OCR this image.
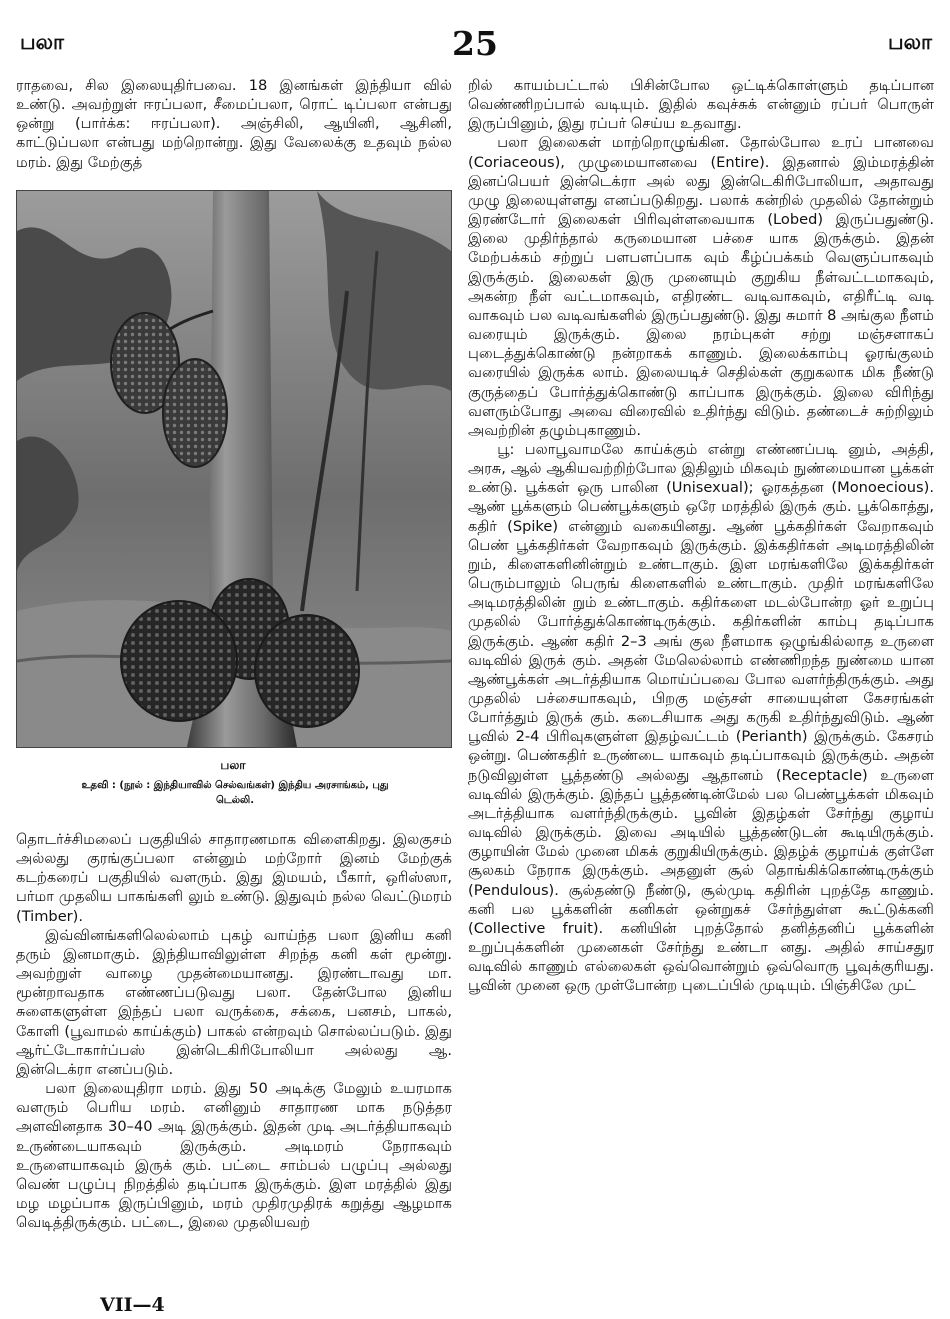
பலா	25	பலா

ராதவை, சில இலையுதிர்பவை. 18 இனங்கள் இந்தியா வில் உண்டு. அவற்றுள் ஈரப்பலா, சீமைப்பலா, ரொட் டிப்பலா என்பது ஒன்று (பார்க்க: ஈரப்பலா). அஞ்சிலி, ஆயினி, ஆசினி, காட்டுப்பலா என்பது மற்றொன்று. இது வேலைக்கு உதவும் நல்ல மரம். இது மேற்குத்

பலா
உதவி : (நூல் : இந்தியாவில் செல்வங்கள்) இந்திய அரசாங்கம், புது டெல்லி.

தொடர்ச்சிமலைப் பகுதியில் சாதாரணமாக விளைகிறது. இலகுசம் அல்லது குரங்குப்பலா என்னும் மற்றோர் இனம் மேற்குக் கடற்கரைப் பகுதியில் வளரும். இது இமயம், பீகார், ஒரிஸ்ஸா, பர்மா முதலிய பாகங்களி லும் உண்டு. இதுவும் நல்ல வெட்டுமரம் (Timber).

இவ்வினங்களிலெல்லாம் புகழ் வாய்ந்த பலா இனிய கனி தரும் இனமாகும். இந்தியாவிலுள்ள சிறந்த கனி கள் மூன்று. அவற்றுள் வாழை முதன்மையானது. இரண்டாவது மா. மூன்றாவதாக எண்ணப்படுவது பலா. தேன்போல இனிய சுளைகளுள்ள இந்தப் பலா வருக்கை, சக்கை, பனசம், பாகல், கோளி (பூவாமல் காய்க்கும்) பாகல் என்றவும் சொல்லப்படும். இது ஆர்ட்டோகார்ப்பஸ் இன்டெகிரிபோலியா அல்லது ஆ. இன்டெக்ரா எனப்படும்.

பலா இலையுதிரா மரம். இது 50 அடிக்கு மேலும் உயரமாக வளரும் பெரிய மரம். எனினும் சாதாரண மாக நடுத்தர அளவினதாக 30–40 அடி இருக்கும். இதன் முடி அடர்த்தியாகவும் உருண்டையாகவும் இருக்கும். அடிமரம் நேராகவும் உருளையாகவும் இருக் கும். பட்டை சாம்பல் பழுப்பு அல்லது வெண் பழுப்பு நிறத்தில் தடிப்பாக இருக்கும். இள மரத்தில் இது மழ மழப்பாக இருப்பினும், மரம் முதிரமுதிரக் கறுத்து ஆழமாக வெடித்திருக்கும். பட்டை, இலை முதலியவற்

றில் காயம்பட்டால் பிசின்போல ஒட்டிக்கொள்ளும் தடிப்பான வெண்ணிறப்பால் வடியும். இதில் கவுச்சுக் என்னும் ரப்பர் பொருள் இருப்பினும், இது ரப்பர் செய்ய உதவாது.

பலா இலைகள் மாற்றொழுங்கின. தோல்போல உரப் பானவை (Coriaceous), முழுமையானவை (Entire). இதனால் இம்மரத்தின் இனப்பெயர் இன்டெக்ரா அல் லது இன்டெகிரிபோலியா, அதாவது முழு இலையுள்ளது எனப்படுகிறது. பலாக் கன்றில் முதலில் தோன்றும் இரண்டோர் இலைகள் பிரிவுள்ளவையாக (Lobed) இருப்பதுண்டு. இலை முதிர்ந்தால் கருமையான பச்சை யாக இருக்கும். இதன் மேற்பக்கம் சற்றுப் பளபளப்பாக வும் கீழ்ப்பக்கம் வெளுப்பாகவும் இருக்கும். இலைகள் இரு முனையும் குறுகிய நீள்வட்டமாகவும், அகன்ற நீள் வட்டமாகவும், எதிரண்ட வடிவாகவும், எதிரீட்டி வடி வாகவும் பல வடிவங்களில் இருப்பதுண்டு. இது சுமார் 8 அங்குல நீளம் வரையும் இருக்கும். இலை நரம்புகள் சற்று மஞ்சளாகப் புடைத்துக்கொண்டு நன்றாகக் காணும். இலைக்காம்பு ஓரங்குலம் வரையில் இருக்க லாம். இலையடிச் செதில்கள் குறுகலாக மிக நீண்டு குருத்தைப் போர்த்துக்கொண்டு காப்பாக இருக்கும். இலை விரிந்து வளரும்போது அவை விரைவில் உதிர்ந்து விடும். தண்டைச் சுற்றிலும் அவற்றின் தழும்புகாணும்.

பூ: பலாபூவாமலே காய்க்கும் என்று எண்ணப்படி னும், அத்தி, அரசு, ஆல் ஆகியவற்றிற்போல இதிலும் மிகவும் நுண்மையான பூக்கள் உண்டு. பூக்கள் ஒரு பாலின (Unisexual); ஓரகத்தன (Monoecious). ஆண் பூக்களும் பெண்பூக்களும் ஒரே மரத்தில் இருக் கும். பூக்கொத்து, கதிர் (Spike) என்னும் வகையினது. ஆண் பூக்கதிர்கள் வேறாகவும் பெண் பூக்கதிர்கள் வேறாகவும் இருக்கும். இக்கதிர்கள் அடிமரத்திலின் றும், கிளைகளினின்றும் உண்டாகும். இள மரங்களிலே இக்கதிர்கள் பெரும்பாலும் பெருங் கிளைகளில் உண்டாகும். முதிர் மரங்களிலே அடிமரத்திலின் றும் உண்டாகும். கதிர்களை மடல்போன்ற ஓர் உறுப்பு முதலில் போர்த்துக்கொண்டிருக்கும். கதிர்களின் காம்பு தடிப்பாக இருக்கும். ஆண் கதிர் 2–3 அங் குல நீளமாக ஒழுங்கில்லாத உருளை வடிவில் இருக் கும். அதன் மேலெல்லாம் எண்ணிறந்த நுண்மை யான ஆண்பூக்கள் அடர்த்தியாக மொய்ப்பவை போல வளர்ந்திருக்கும். அது முதலில் பச்சையாகவும், பிறகு மஞ்சள் சாயையுள்ள கேசரங்கள் போர்த்தும் இருக் கும். கடைசியாக அது கருகி உதிர்ந்துவிடும். ஆண் பூவில் 2-4 பிரிவுகளுள்ள இதழ்வட்டம் (Perianth) இருக்கும். கேசரம் ஒன்று. பெண்கதிர் உருண்டை யாகவும் தடிப்பாகவும் இருக்கும். அதன் நடுவிலுள்ள பூத்தண்டு அல்லது ஆதானம் (Receptacle) உருளை வடிவில் இருக்கும். இந்தப் பூத்தண்டின்மேல் பல பெண்பூக்கள் மிகவும் அடர்த்தியாக வளர்ந்திருக்கும். பூவின் இதழ்கள் சேர்ந்து குழாய் வடிவில் இருக்கும். இவை அடியில் பூத்தண்டுடன் கூடியிருக்கும். குழாயின் மேல் முனை மிகக் குறுகியிருக்கும். இதழ்க் குழாய்க் குள்ளே சூலகம் நேராக இருக்கும். அதனுள் சூல் தொங்கிக்கொண்டிருக்கும் (Pendulous). சூல்தண்டு நீண்டு, சூல்முடி கதிரின் புறத்தே காணும். கனி பல பூக்களின் கனிகள் ஒன்றுகச் சேர்ந்துள்ள கூட்டுக்கனி (Collective fruit). கனியின் புறத்தோல் தனித்தனிப் பூக்களின் உறுப்புக்களின் முனைகள் சேர்ந்து உண்டா னது. அதில் சாய்சதுர வடிவில் காணும் எல்லைகள் ஒவ்வொன்றும் ஒவ்வொரு பூவுக்குரியது. பூவின் முனை ஒரு முள்போன்ற புடைப்பில் முடியும். பிஞ்சிலே முட்

VII—4
